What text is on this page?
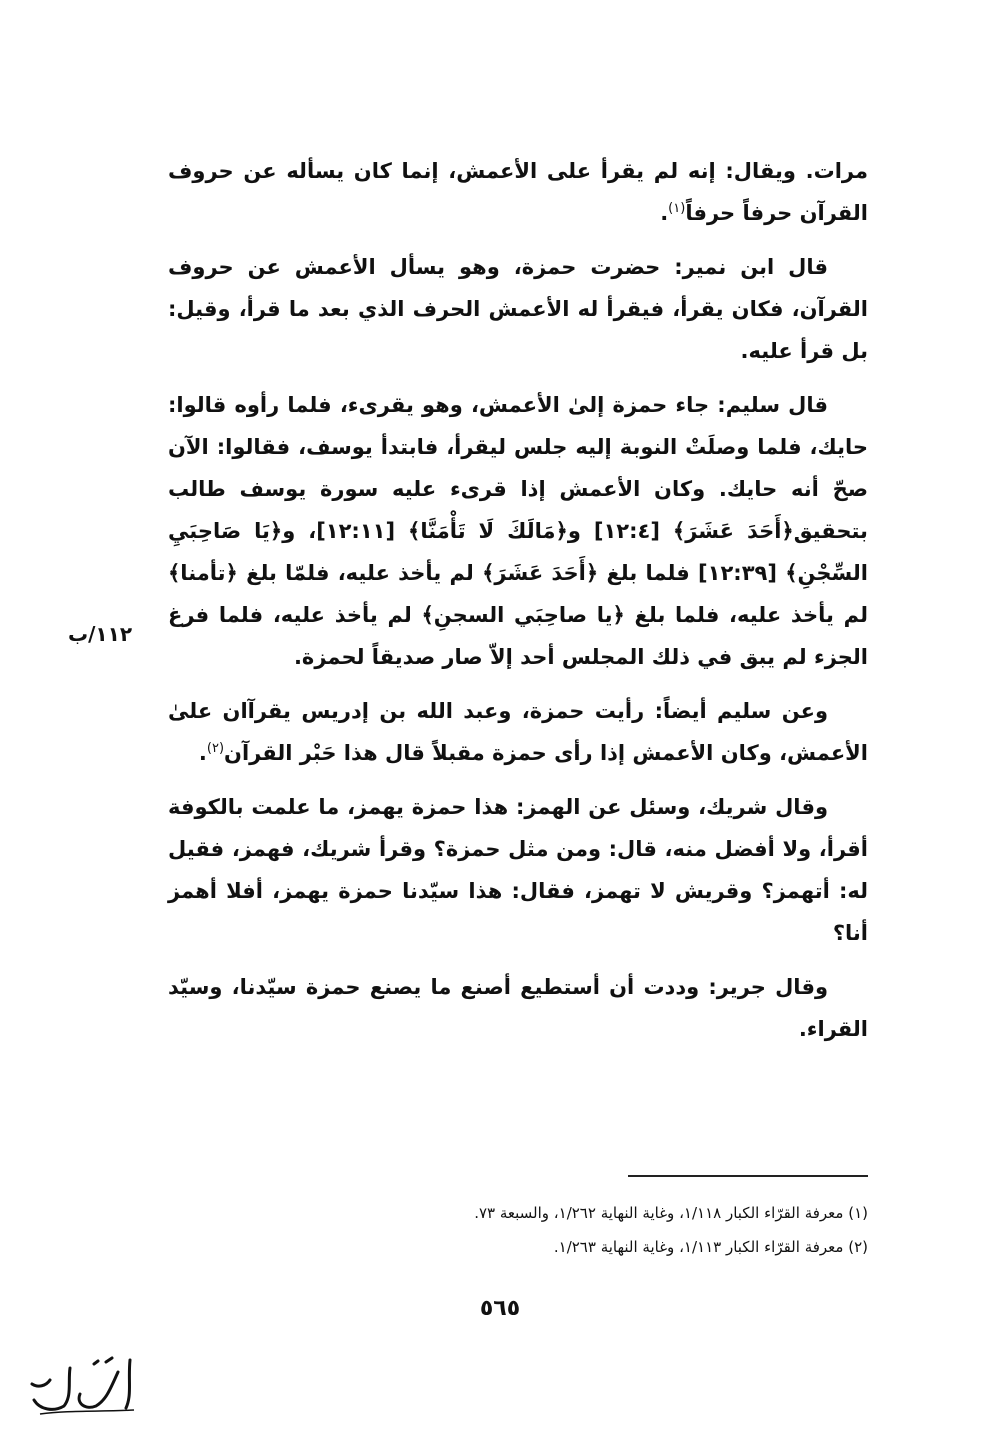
مرات. ويقال: إنه لم يقرأ على الأعمش، إنما كان يسأله عن حروف القرآن حرفاً حرفاً$^{(١)}$.

قال ابن نمير: حضرت حمزة، وهو يسأل الأعمش عن حروف القرآن، فكان يقرأ، فيقرأ له الأعمش الحرف الذي بعد ما قرأ، وقيل: بل قرأ عليه.

قال سليم: جاء حمزة إلىٰ الأعمش، وهو يقرىء، فلما رأوه قالوا: حايك، فلما وصلَتْ النوبة إليه جلس ليقرأ، فابتدأ يوسف، فقالوا: الآن صحّ أنه حايك. وكان الأعمش إذا قرىء عليه سورة يوسف طالب بتحقيق﴿أَحَدَ عَشَرَ﴾ [١٢:٤] و﴿مَالَكَ لَا تَأْمَنَّا﴾ [١٢:١١]، و﴿يَا صَاحِبَيِ السِّجْنِ﴾ [١٢:٣٩] فلما بلغ ﴿أَحَدَ عَشَرَ﴾ لم يأخذ عليه، فلمّا بلغ ﴿تأمنا﴾ لم يأخذ عليه، فلما بلغ ﴿يا صاحِبَي السجنِ﴾ لم يأخذ عليه، فلما فرغ الجزء لم يبق في ذلك المجلس أحد إلاّ صار صديقاً لحمزة.

وعن سليم أيضاً: رأيت حمزة، وعبد الله بن إدريس يقرآان علىٰ الأعمش، وكان الأعمش إذا رأى حمزة مقبلاً قال هذا حَبْر القرآن$^{(٢)}$.

وقال شريك، وسئل عن الهمز: هذا حمزة يهمز، ما علمت بالكوفة أقرأ، ولا أفضل منه، قال: ومن مثل حمزة؟ وقرأ شريك، فهمز، فقيل له: أتهمز؟ وقريش لا تهمز، فقال: هذا سيّدنا حمزة يهمز، أفلا أهمز أنا؟

وقال جرير: وددت أن أستطيع أصنع ما يصنع حمزة سيّدنا، وسيّد القراء.

١١٢/ب

(١) معرفة القرّاء الكبار ١/١١٨، وغاية النهاية ١/٢٦٢، والسبعة ٧٣.

(٢) معرفة القرّاء الكبار ١/١١٣، وغاية النهاية ١/٢٦٣.

٥٦٥
